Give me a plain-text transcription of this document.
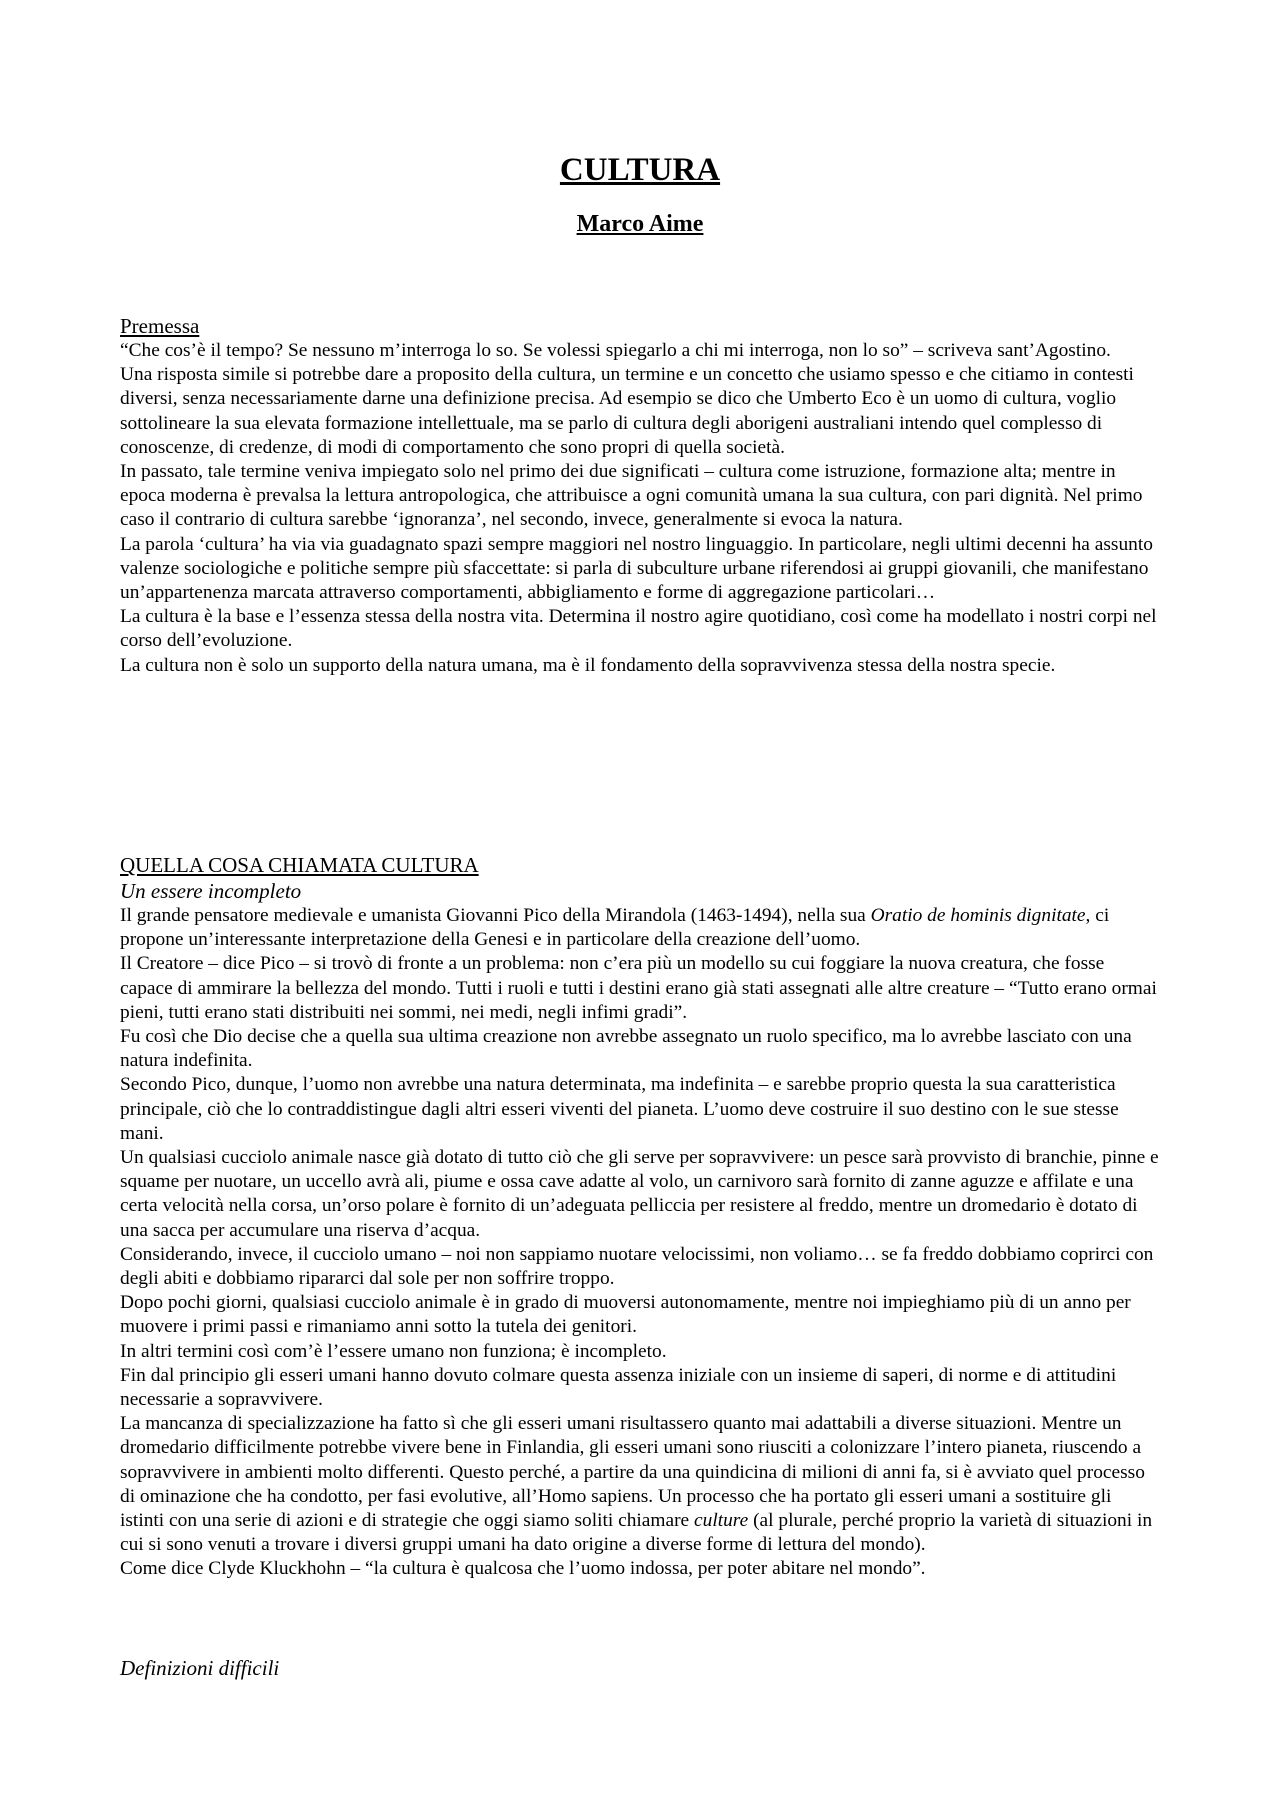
CULTURA
Marco Aime
Premessa

“Che cos’è il tempo? Se nessuno m’interroga lo so. Se volessi spiegarlo a chi mi interroga, non lo so” – scriveva sant’Agostino.

Una risposta simile si potrebbe dare a proposito della cultura, un termine e un concetto che usiamo spesso e che citiamo in contesti diversi, senza necessariamente darne una definizione precisa. Ad esempio se dico che Umberto Eco è un uomo di cultura, voglio sottolineare la sua elevata formazione intellettuale, ma se parlo di cultura degli aborigeni australiani intendo quel complesso di conoscenze, di credenze, di modi di comportamento che sono propri di quella società.

In passato, tale termine veniva impiegato solo nel primo dei due significati – cultura come istruzione, formazione alta; mentre in epoca moderna è prevalsa la lettura antropologica, che attribuisce a ogni comunità umana la sua cultura, con pari dignità. Nel primo caso il contrario di cultura sarebbe ‘ignoranza’, nel secondo, invece, generalmente si evoca la natura.

La parola ‘cultura’ ha via via guadagnato spazi sempre maggiori nel nostro linguaggio. In particolare, negli ultimi decenni ha assunto valenze sociologiche e politiche sempre più sfaccettate: si parla di subculture urbane riferendosi ai gruppi giovanili, che manifestano un’appartenenza marcata attraverso comportamenti, abbigliamento e forme di aggregazione particolari…

La cultura è la base e l’essenza stessa della nostra vita. Determina il nostro agire quotidiano, così come ha modellato i nostri corpi nel corso dell’evoluzione.

La cultura non è solo un supporto della natura umana, ma è il fondamento della sopravvivenza stessa della nostra specie.

QUELLA COSA CHIAMATA CULTURA
Un essere incompleto

Il grande pensatore medievale e umanista Giovanni Pico della Mirandola (1463-1494), nella sua Oratio de hominis dignitate, ci propone un’interessante interpretazione della Genesi e in particolare della creazione dell’uomo.

Il Creatore – dice Pico – si trovò di fronte a un problema: non c’era più un modello su cui foggiare la nuova creatura, che fosse capace di ammirare la bellezza del mondo. Tutti i ruoli e tutti i destini erano già stati assegnati alle altre creature – “Tutto erano ormai pieni, tutti erano stati distribuiti nei sommi, nei medi, negli infimi gradi”.

Fu così che Dio decise che a quella sua ultima creazione non avrebbe assegnato un ruolo specifico, ma lo avrebbe lasciato con una natura indefinita.

Secondo Pico, dunque, l’uomo non avrebbe una natura determinata, ma indefinita – e sarebbe proprio questa la sua caratteristica principale, ciò che lo contraddistingue dagli altri esseri viventi del pianeta. L’uomo deve costruire il suo destino con le sue stesse mani.

Un qualsiasi cucciolo animale nasce già dotato di tutto ciò che gli serve per sopravvivere: un pesce sarà provvisto di branchie, pinne e squame per nuotare, un uccello avrà ali, piume e ossa cave adatte al volo, un carnivoro sarà fornito di zanne aguzze e affilate e una certa velocità nella corsa, un’orso polare è fornito di un’adeguata pelliccia per resistere al freddo, mentre un dromedario è dotato di una sacca per accumulare una riserva d’acqua.

Considerando, invece, il cucciolo umano – noi non sappiamo nuotare velocissimi, non voliamo… se fa freddo dobbiamo coprirci con degli abiti e dobbiamo ripararci dal sole per non soffrire troppo.

Dopo pochi giorni, qualsiasi cucciolo animale è in grado di muoversi autonomamente, mentre noi impieghiamo più di un anno per muovere i primi passi e rimaniamo anni sotto la tutela dei genitori.

In altri termini così com’è l’essere umano non funziona; è incompleto.

Fin dal principio gli esseri umani hanno dovuto colmare questa assenza iniziale con un insieme di saperi, di norme e di attitudini necessarie a sopravvivere.

La mancanza di specializzazione ha fatto sì che gli esseri umani risultassero quanto mai adattabili a diverse situazioni. Mentre un dromedario difficilmente potrebbe vivere bene in Finlandia, gli esseri umani sono riusciti a colonizzare l’intero pianeta, riuscendo a sopravvivere in ambienti molto differenti. Questo perché, a partire da una quindicina di milioni di anni fa, si è avviato quel processo di ominazione che ha condotto, per fasi evolutive, all’Homo sapiens. Un processo che ha portato gli esseri umani a sostituire gli istinti con una serie di azioni e di strategie che oggi siamo soliti chiamare culture (al plurale, perché proprio la varietà di situazioni in cui si sono venuti a trovare i diversi gruppi umani ha dato origine a diverse forme di lettura del mondo).

Come dice Clyde Kluckhohn – “la cultura è qualcosa che l’uomo indossa, per poter abitare nel mondo”.

Definizioni difficili
